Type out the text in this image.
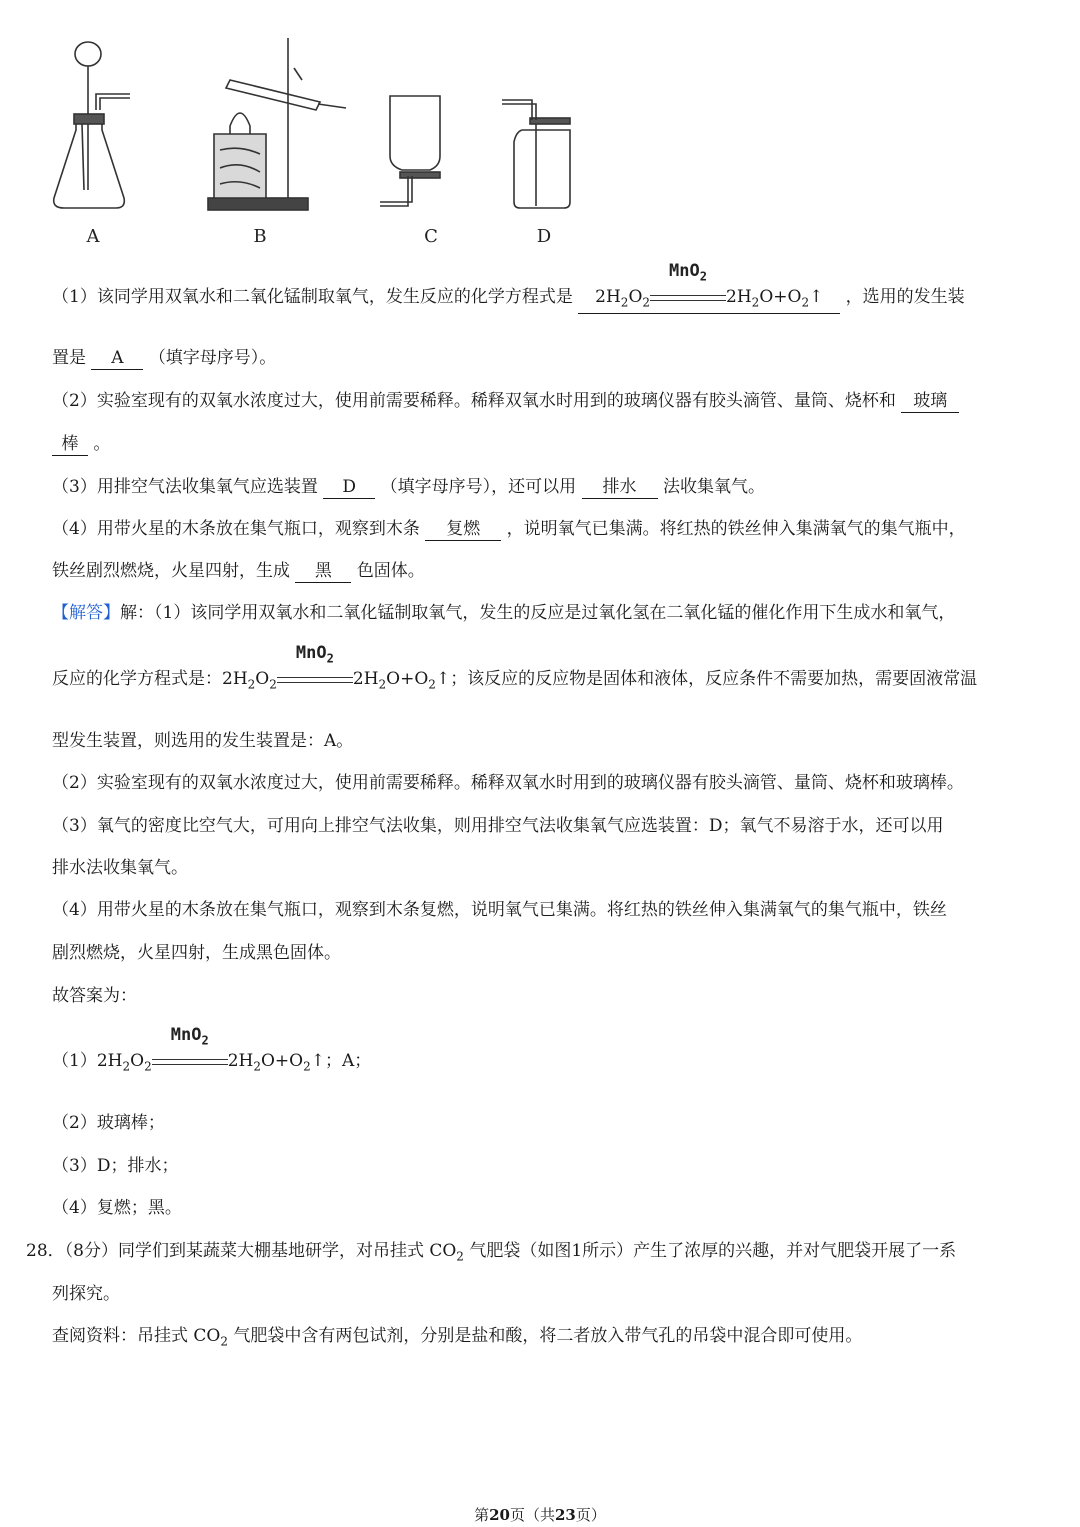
A	B	C	D
（1）该同学用双氧水和二氧化锰制取氧气，发生反应的化学方程式是 $2H_2O_2$
MnO$_2$
$2H_2O+O_2↑$ ，选用的发生装
置是 A （填字母序号）。
（2）实验室现有的双氧水浓度过大，使用前需要稀释。稀释双氧水时用到的玻璃仪器有胶头滴管、量筒、烧杯和 玻璃
棒 。
（3）用排空气法收集氧气应选装置 D （填字母序号），还可以用 排水 法收集氧气。
（4）用带火星的木条放在集气瓶口，观察到木条 复燃 ，说明氧气已集满。将红热的铁丝伸入集满氧气的集气瓶中，
铁丝剧烈燃烧，火星四射，生成 黑 色固体。
【解答】解：（1）该同学用双氧水和二氧化锰制取氧气，发生的反应是过氧化氢在二氧化锰的催化作用下生成水和氧气，
反应的化学方程式是：$2H_2O_2$
MnO$_2$
$2H_2O+O_2↑$；该反应的反应物是固体和液体，反应条件不需要加热，需要固液常温
型发生装置，则选用的发生装置是：A。
（2）实验室现有的双氧水浓度过大，使用前需要稀释。稀释双氧水时用到的玻璃仪器有胶头滴管、量筒、烧杯和玻璃棒。
（3）氧气的密度比空气大，可用向上排空气法收集，则用排空气法收集氧气应选装置：D；氧气不易溶于水，还可以用
排水法收集氧气。
（4）用带火星的木条放在集气瓶口，观察到木条复燃，说明氧气已集满。将红热的铁丝伸入集满氧气的集气瓶中，铁丝
剧烈燃烧，火星四射，生成黑色固体。
故答案为：
$(1)2H_2O_2$
MnO$_2$
$2H_2O+O_2↑$；A；
（2）玻璃棒；
（3）D；排水；
（4）复燃；黑。
28．（8分）同学们到某蔬菜大棚基地研学，对吊挂式 $CO_2$ 气肥袋（如图1所示）产生了浓厚的兴趣，并对气肥袋开展了一系
列探究。
查阅资料：吊挂式 $CO_2$ 气肥袋中含有两包试剂，分别是盐和酸，将二者放入带气孔的吊袋中混合即可使用。
第20页（共23页）
